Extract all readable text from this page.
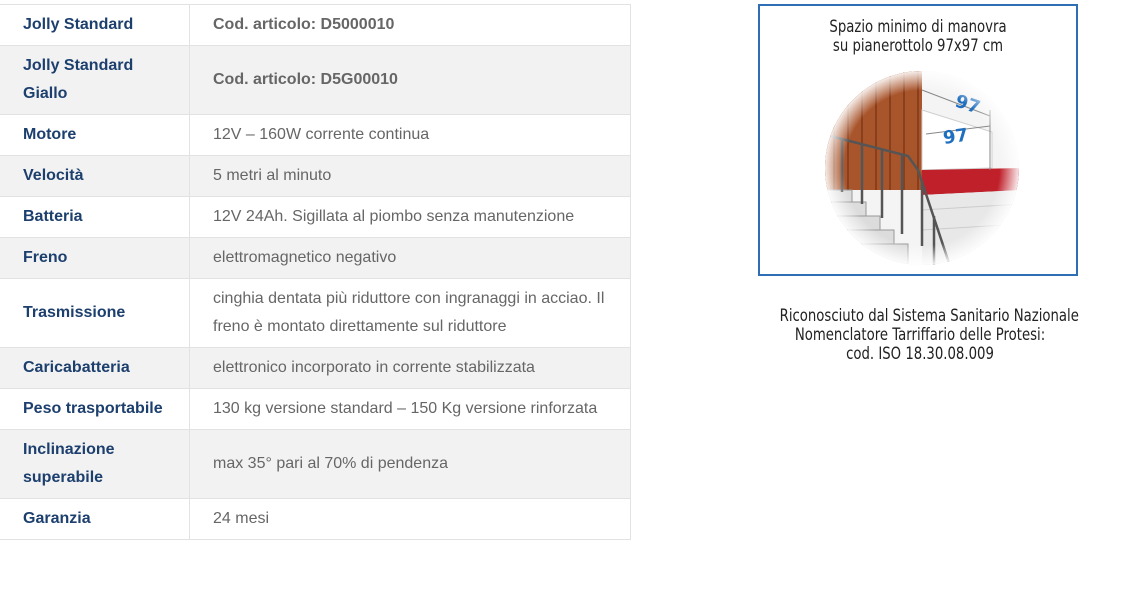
Jolly Standard	Cod. articolo: D5000010
Jolly Standard Giallo	Cod. articolo: D5G00010
Motore	12V – 160W corrente continua
Velocità	5 metri al minuto
Batteria	12V 24Ah. Sigillata al piombo senza manutenzione
Freno	elettromagnetico negativo
Trasmissione	cinghia dentata più riduttore con ingranaggi in acciao. Il freno è montato direttamente sul riduttore
Caricabatteria	elettronico incorporato in corrente stabilizzata
Peso trasportabile	130 kg versione standard – 150 Kg versione rinforzata
Inclinazione superabile	max 35° pari al 70% di pendenza
Garanzia	24 mesi
Spazio minimo di manovra
su pianerottolo 97x97 cm
Riconosciuto dal Sistema Sanitario Nazionale
Nomenclatore Tarriffario delle Protesi:
cod. ISO 18.30.08.009
